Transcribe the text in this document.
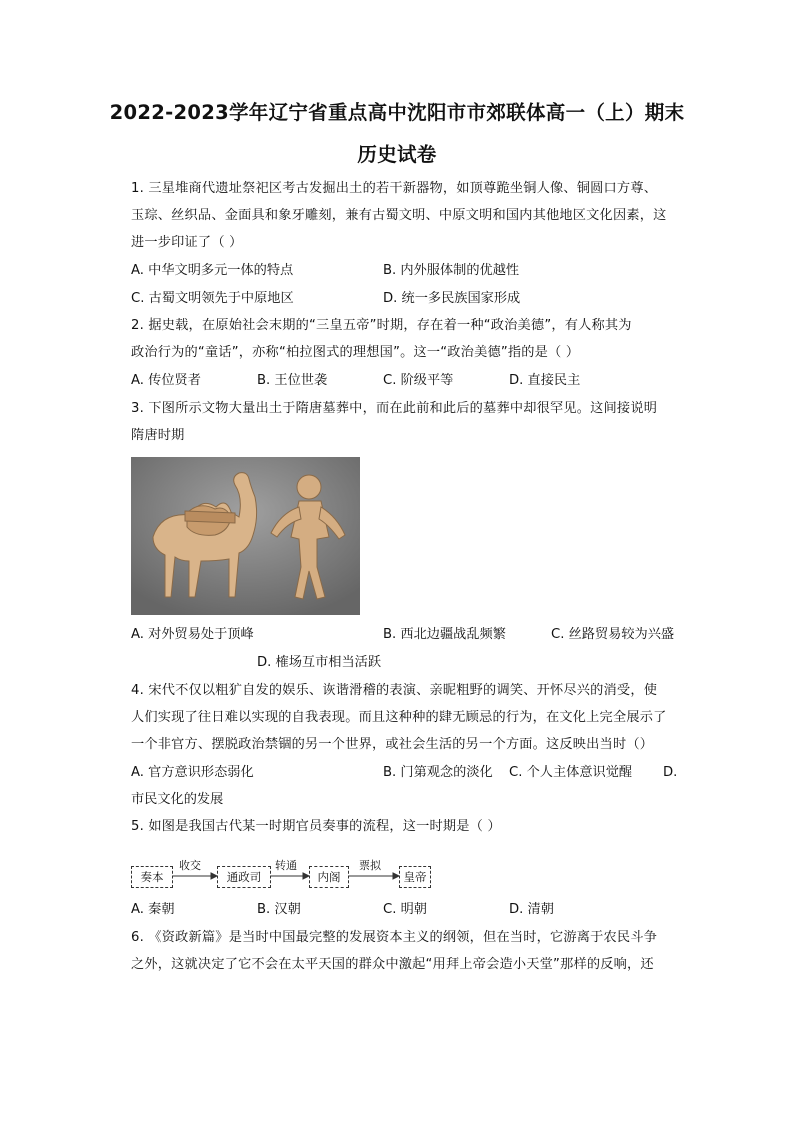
2022-2023学年辽宁省重点高中沈阳市市郊联体高一（上）期末
历史试卷
1. 三星堆商代遗址祭祀区考古发掘出土的若干新器物，如顶尊跪坐铜人像、铜圆口方尊、
玉琮、丝织品、金面具和象牙雕刻，兼有古蜀文明、中原文明和国内其他地区文化因素，这
进一步印证了（ ）
A. 中华文明多元一体的特点	B. 内外服体制的优越性
C. 古蜀文明领先于中原地区	D. 统一多民族国家形成
2. 据史载，在原始社会末期的“三皇五帝”时期，存在着一种“政治美德”，有人称其为
政治行为的“童话”，亦称“柏拉图式的理想国”。这一“政治美德”指的是（ ）
A. 传位贤者	B. 王位世袭	C. 阶级平等	D. 直接民主
3. 下图所示文物大量出土于隋唐墓葬中，而在此前和此后的墓葬中却很罕见。这间接说明
隋唐时期
A. 对外贸易处于顶峰	B. 西北边疆战乱频繁	C. 丝路贸易较为兴盛
D. 榷场互市相当活跃
4. 宋代不仅以粗犷自发的娱乐、诙谐滑稽的表演、亲昵粗野的调笑、开怀尽兴的消受，使
人们实现了往日难以实现的自我表现。而且这种种的肆无顾忌的行为，在文化上完全展示了
一个非官方、摆脱政治禁锢的另一个世界，或社会生活的另一个方面。这反映出当时（）
A. 官方意识形态弱化	B. 门第观念的淡化 C. 个人主体意识觉醒 D.
市民文化的发展
5. 如图是我国古代某一时期官员奏事的流程，这一时期是（ ）
奏本
收交
通政司
转通
内阁
票拟
皇帝
A. 秦朝	B. 汉朝	C. 明朝	D. 清朝
6. 《资政新篇》是当时中国最完整的发展资本主义的纲领，但在当时，它游离于农民斗争
之外，这就决定了它不会在太平天国的群众中激起“用拜上帝会造小天堂”那样的反响，还
